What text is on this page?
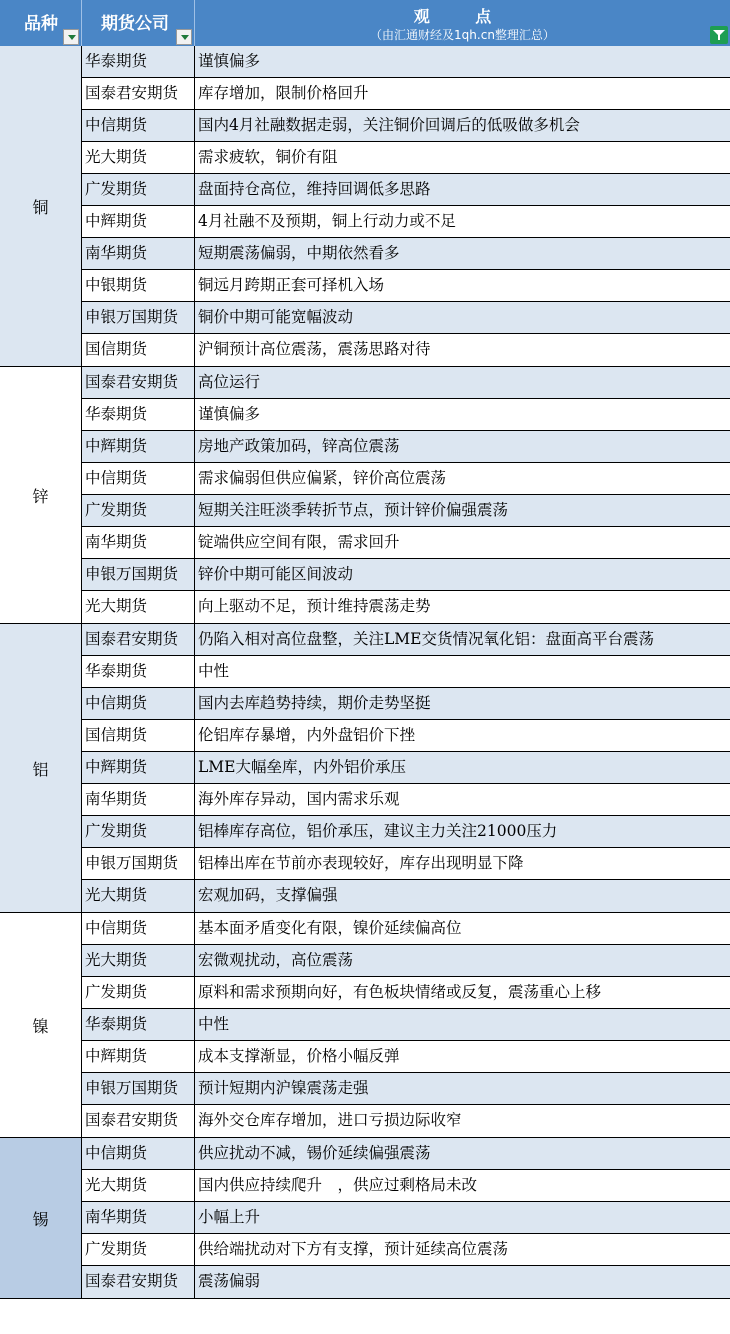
品种	期货公司	观 点
（由汇通财经及1qh.cn整理汇总）
铜
华泰期货	谨慎偏多
国泰君安期货	库存增加，限制价格回升
中信期货	国内4月社融数据走弱，关注铜价回调后的低吸做多机会
光大期货	需求疲软，铜价有阻
广发期货	盘面持仓高位，维持回调低多思路
中辉期货	4月社融不及预期，铜上行动力或不足
南华期货	短期震荡偏弱，中期依然看多
中银期货	铜远月跨期正套可择机入场
申银万国期货	铜价中期可能宽幅波动
国信期货	沪铜预计高位震荡，震荡思路对待
锌
国泰君安期货	高位运行
华泰期货	谨慎偏多
中辉期货	房地产政策加码，锌高位震荡
中信期货	需求偏弱但供应偏紧，锌价高位震荡
广发期货	短期关注旺淡季转折节点，预计锌价偏强震荡
南华期货	锭端供应空间有限，需求回升
申银万国期货	锌价中期可能区间波动
光大期货	向上驱动不足，预计维持震荡走势
铝
国泰君安期货	仍陷入相对高位盘整，关注LME交货情况氧化铝：盘面高平台震荡
华泰期货	中性
中信期货	国内去库趋势持续，期价走势坚挺
国信期货	伦铝库存暴增，内外盘铝价下挫
中辉期货	LME大幅垒库，内外铝价承压
南华期货	海外库存异动，国内需求乐观
广发期货	铝棒库存高位，铝价承压，建议主力关注21000压力
申银万国期货	铝棒出库在节前亦表现较好，库存出现明显下降
光大期货	宏观加码，支撑偏强
镍
中信期货	基本面矛盾变化有限，镍价延续偏高位
光大期货	宏微观扰动，高位震荡
广发期货	原料和需求预期向好，有色板块情绪或反复，震荡重心上移
华泰期货	中性
中辉期货	成本支撑渐显，价格小幅反弹
申银万国期货	预计短期内沪镍震荡走强
国泰君安期货	海外交仓库存增加，进口亏损边际收窄
锡
中信期货	供应扰动不减，锡价延续偏强震荡
光大期货	国内供应持续爬升　，供应过剩格局未改
南华期货	小幅上升
广发期货	供给端扰动对下方有支撑，预计延续高位震荡
国泰君安期货	震荡偏弱
